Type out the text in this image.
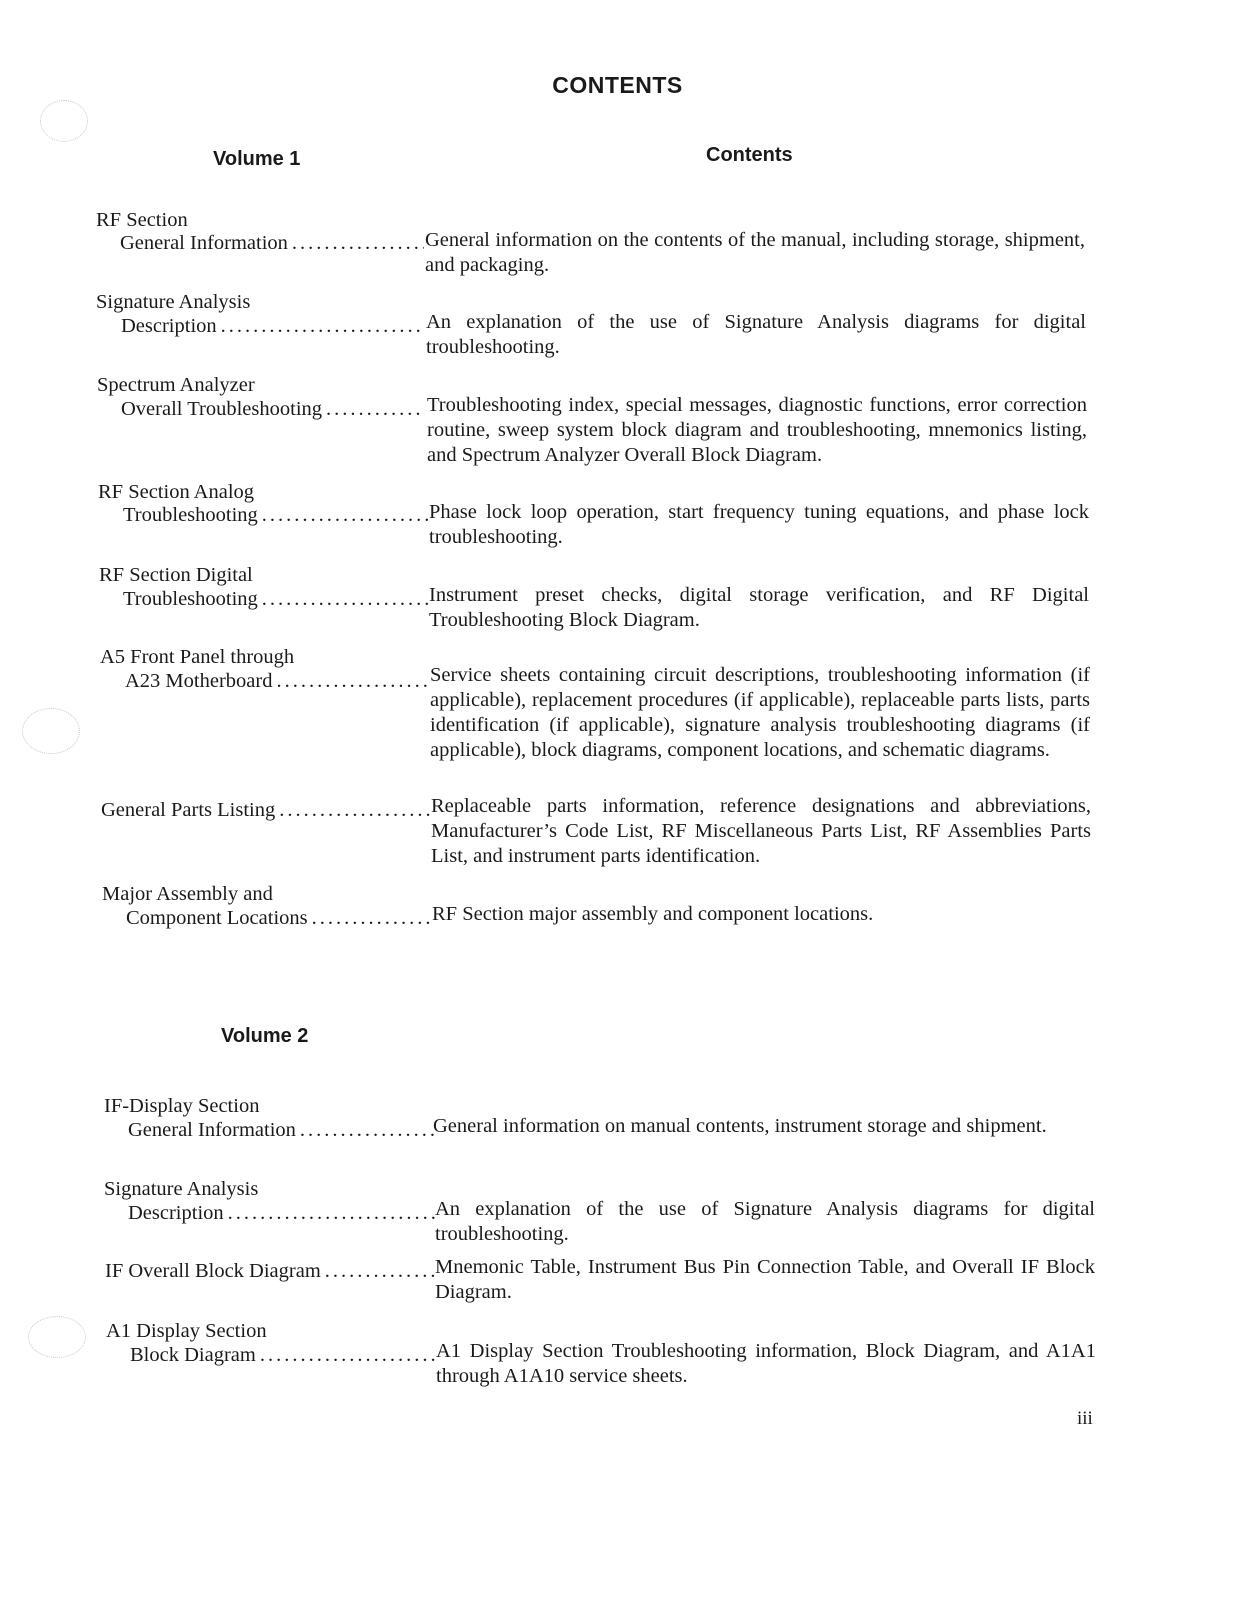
CONTENTS
Volume 1	Contents
RF Section
General Information .....	General information on the contents of the manual, including storage, shipment, and packaging.
Signature Analysis
Description .....	An explanation of the use of Signature Analysis diagrams for digital troubleshooting.
Spectrum Analyzer
Overall Troubleshooting .....	Troubleshooting index, special messages, diagnostic functions, error correction routine, sweep system block diagram and troubleshooting, mnemonics listing, and Spectrum Analyzer Overall Block Diagram.
RF Section Analog
Troubleshooting .....	Phase lock loop operation, start frequency tuning equations, and phase lock troubleshooting.
RF Section Digital
Troubleshooting .....	Instrument preset checks, digital storage verification, and RF Digital Troubleshooting Block Diagram.
A5 Front Panel through
A23 Motherboard .....	Service sheets containing circuit descriptions, troubleshooting information (if applicable), replacement procedures (if applicable), replaceable parts lists, parts identification (if applicable), signature analysis troubleshooting diagrams (if applicable), block diagrams, component locations, and schematic diagrams.
General Parts Listing .....	Replaceable parts information, reference designations and abbreviations, Manufacturer’s Code List, RF Miscellaneous Parts List, RF Assemblies Parts List, and instrument parts identification.
Major Assembly and
Component Locations .....	RF Section major assembly and component locations.
Volume 2
IF-Display Section
General Information .....	General information on manual contents, instrument storage and shipment.
Signature Analysis
Description .....	An explanation of the use of Signature Analysis diagrams for digital troubleshooting.
IF Overall Block Diagram .....	Mnemonic Table, Instrument Bus Pin Connection Table, and Overall IF Block Diagram.
A1 Display Section
Block Diagram .....	A1 Display Section Troubleshooting information, Block Diagram, and A1A1 through A1A10 service sheets.
iii
